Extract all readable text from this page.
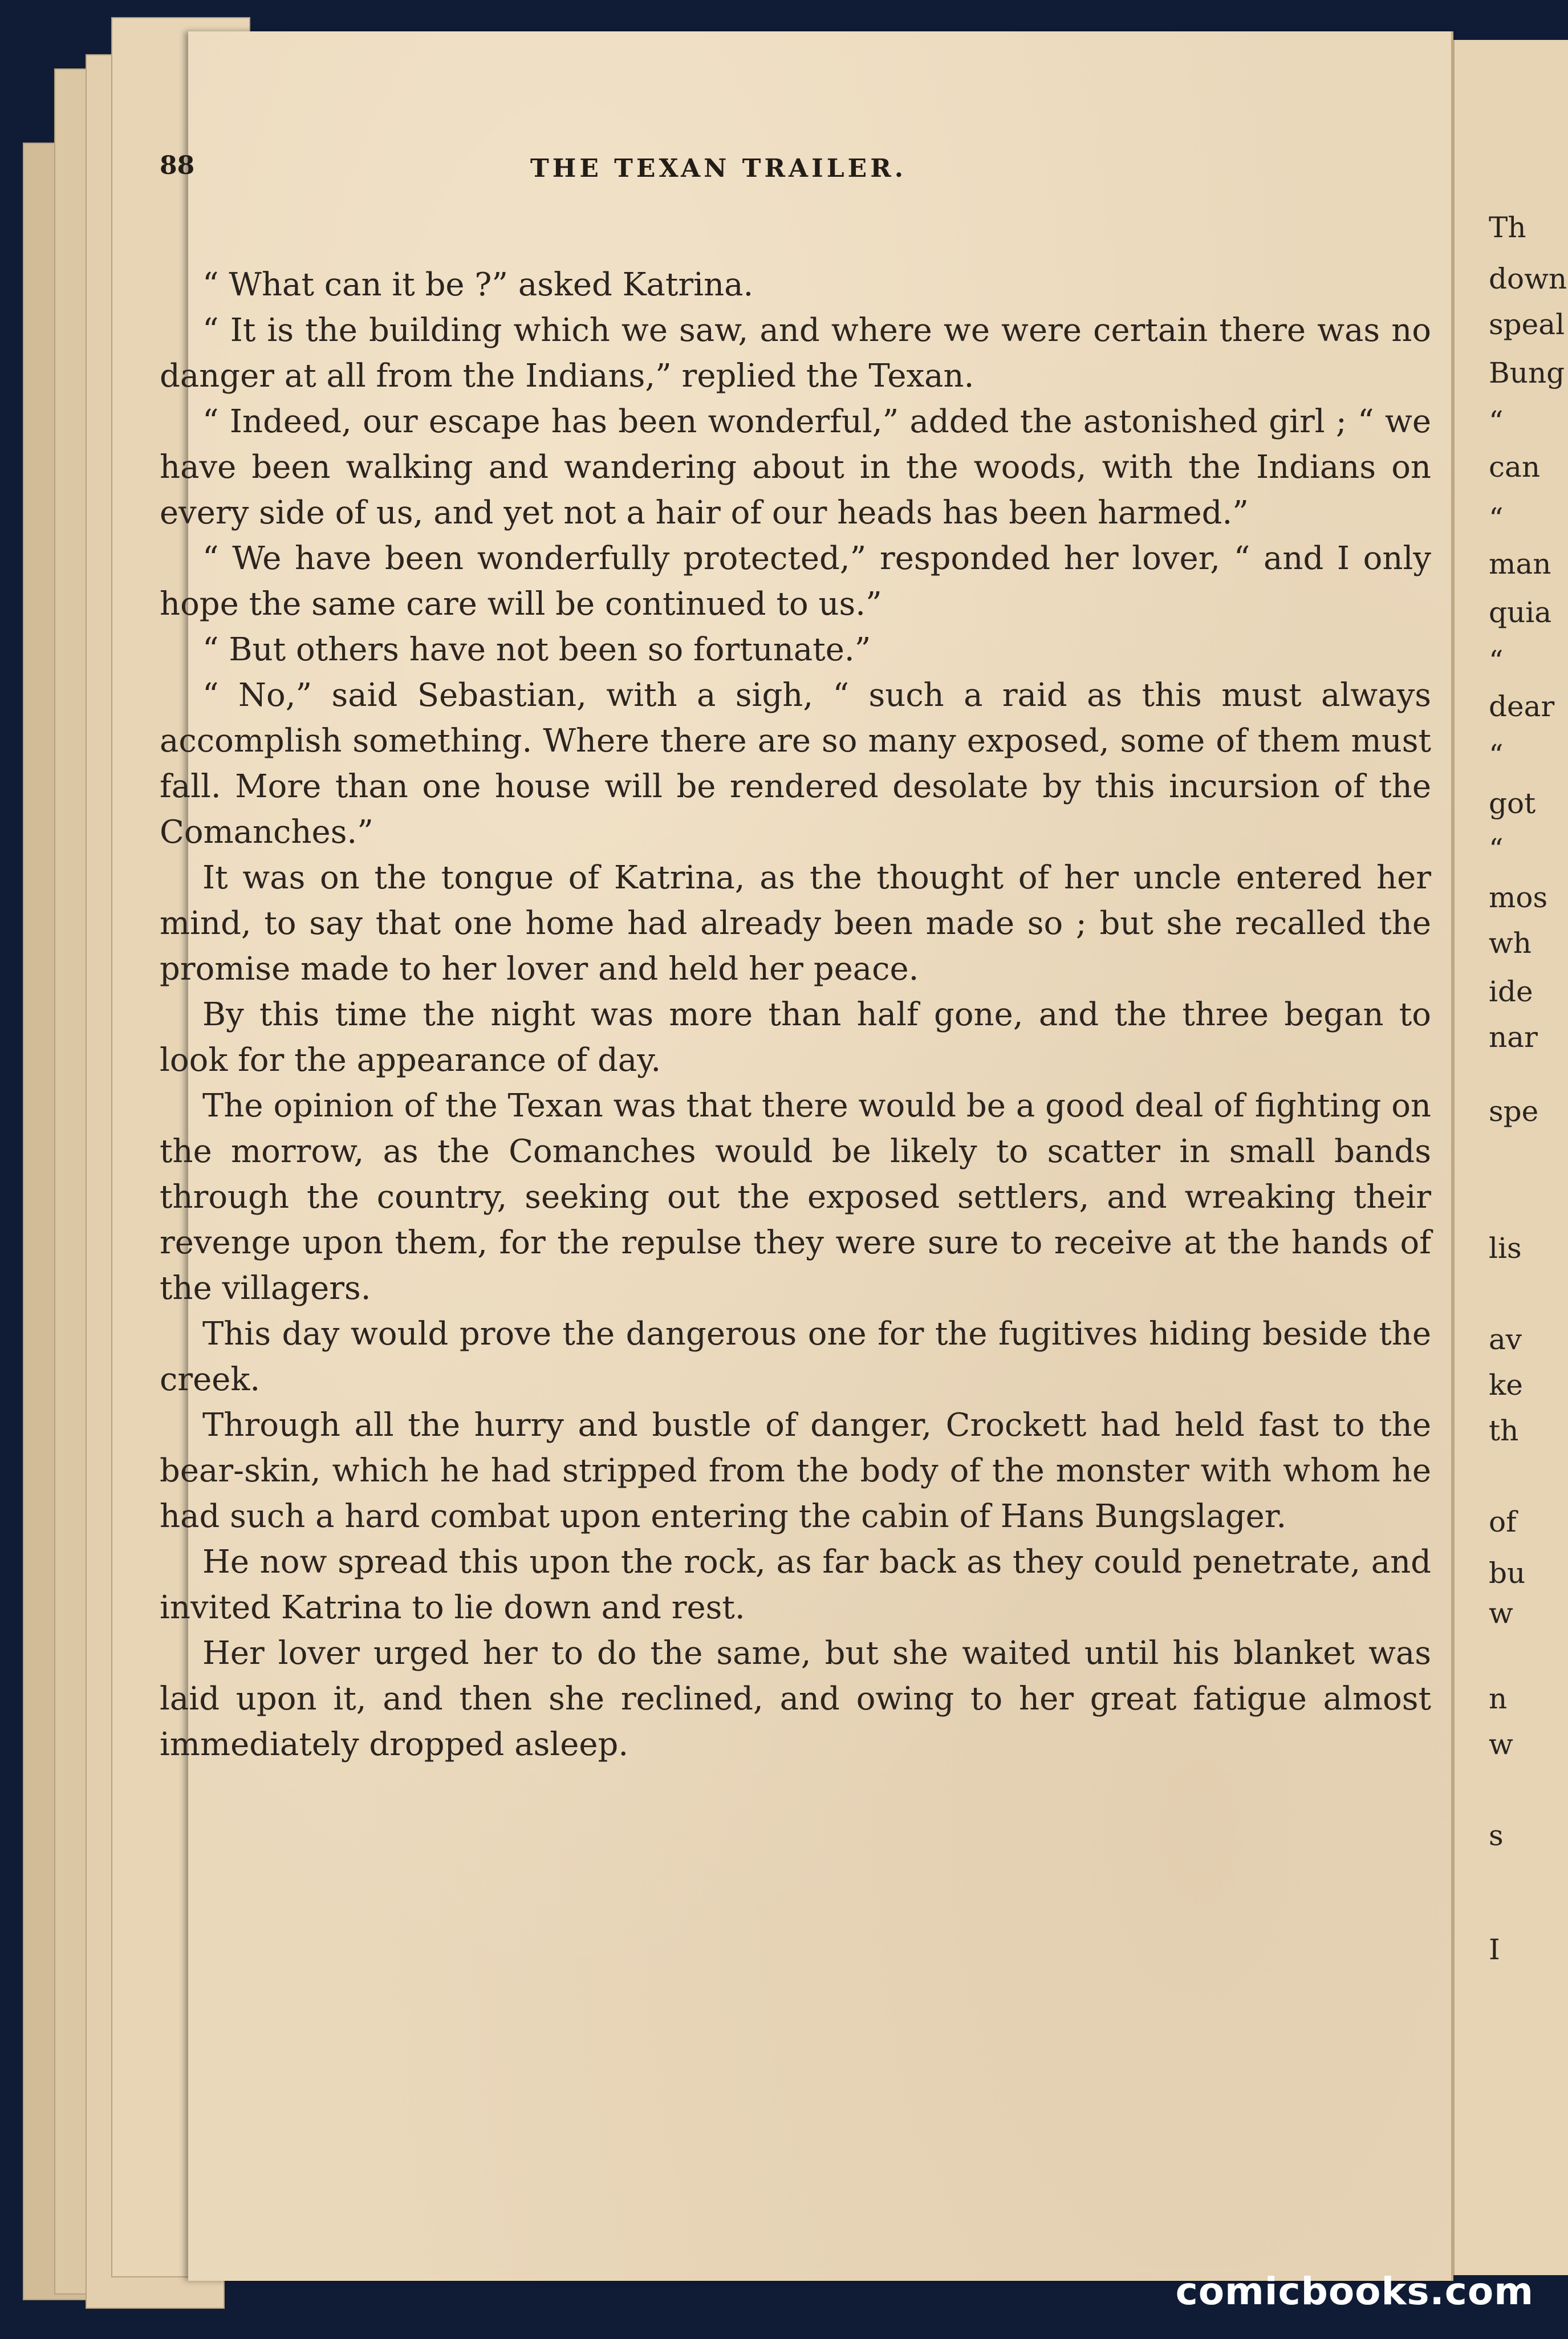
88	THE TEXAN TRAILER.

“ What can it be ?” asked Katrina.

“ It is the building which we saw, and where we were certain there was no danger at all from the Indians,” replied the Texan.

“ Indeed, our escape has been wonderful,” added the astonished girl ; “ we have been walking and wandering about in the woods, with the Indians on every side of us, and yet not a hair of our heads has been harmed.”

“ We have been wonderfully protected,” responded her lover, “ and I only hope the same care will be continued to us.”

“ But others have not been so fortunate.”

“ No,” said Sebastian, with a sigh, “ such a raid as this must always accomplish something. Where there are so many exposed, some of them must fall. More than one house will be rendered desolate by this incursion of the Comanches.”

It was on the tongue of Katrina, as the thought of her uncle entered her mind, to say that one home had already been made so ; but she recalled the promise made to her lover and held her peace.

By this time the night was more than half gone, and the three began to look for the appearance of day.

The opinion of the Texan was that there would be a good deal of fighting on the morrow, as the Comanches would be likely to scatter in small bands through the country, seeking out the exposed settlers, and wreaking their revenge upon them, for the repulse they were sure to receive at the hands of the villagers.

This day would prove the dangerous one for the fugitives hiding beside the creek.

Through all the hurry and bustle of danger, Crockett had held fast to the bear-skin, which he had stripped from the body of the monster with whom he had such a hard combat upon entering the cabin of Hans Bungslager.

He now spread this upon the rock, as far back as they could penetrate, and invited Katrina to lie down and rest.

Her lover urged her to do the same, but she waited until his blanket was laid upon it, and then she reclined, and owing to her great fatigue almost immediately dropped asleep.

Th
down
speal
Bung
“
can
“
man
quia
“
dear
“
got
“
mos
wh
ide
nar
spe
lis
av
ke
th
of
bu
w
n
w
s
I
comicbooks.com
